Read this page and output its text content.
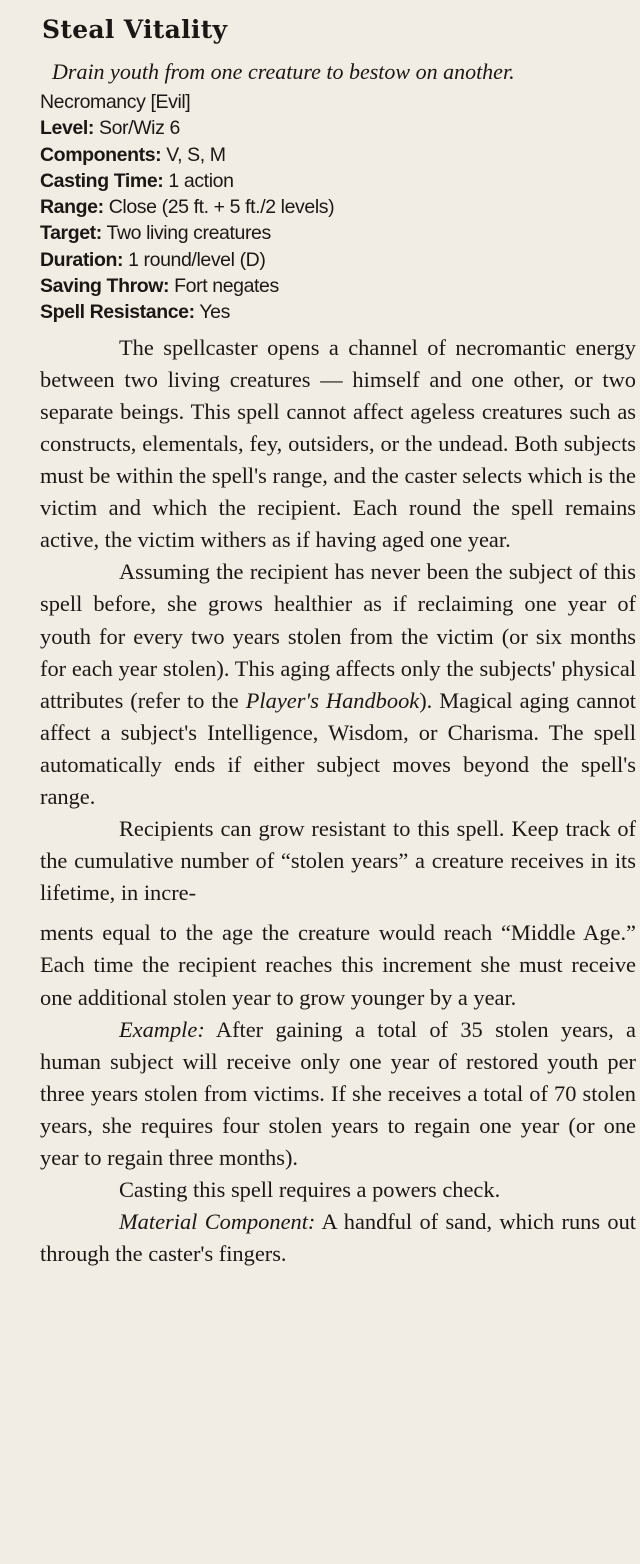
Steal Vitality
Drain youth from one creature to bestow on another.
Necromancy [Evil]
Level: Sor/Wiz 6
Components: V, S, M
Casting Time: 1 action
Range: Close (25 ft. + 5 ft./2 levels)
Target: Two living creatures
Duration: 1 round/level (D)
Saving Throw: Fort negates
Spell Resistance: Yes

The spellcaster opens a channel of necromantic energy between two living creatures — himself and one other, or two separate beings. This spell cannot affect ageless creatures such as constructs, elementals, fey, outsiders, or the undead. Both subjects must be within the spell's range, and the caster selects which is the victim and which the recipient. Each round the spell remains active, the victim withers as if having aged one year.

Assuming the recipient has never been the subject of this spell before, she grows healthier as if reclaiming one year of youth for every two years stolen from the victim (or six months for each year stolen). This aging affects only the subjects' physical attributes (refer to the Player's Handbook). Magical aging cannot affect a subject's Intelligence, Wisdom, or Charisma. The spell automatically ends if either subject moves beyond the spell's range.

Recipients can grow resistant to this spell. Keep track of the cumulative number of “stolen years” a creature receives in its lifetime, in incre-

ments equal to the age the creature would reach “Middle Age.” Each time the recipient reaches this increment she must receive one additional stolen year to grow younger by a year.

Example: After gaining a total of 35 stolen years, a human subject will receive only one year of restored youth per three years stolen from victims. If she receives a total of 70 stolen years, she requires four stolen years to regain one year (or one year to regain three months).

Casting this spell requires a powers check.

Material Component: A handful of sand, which runs out through the caster's fingers.
